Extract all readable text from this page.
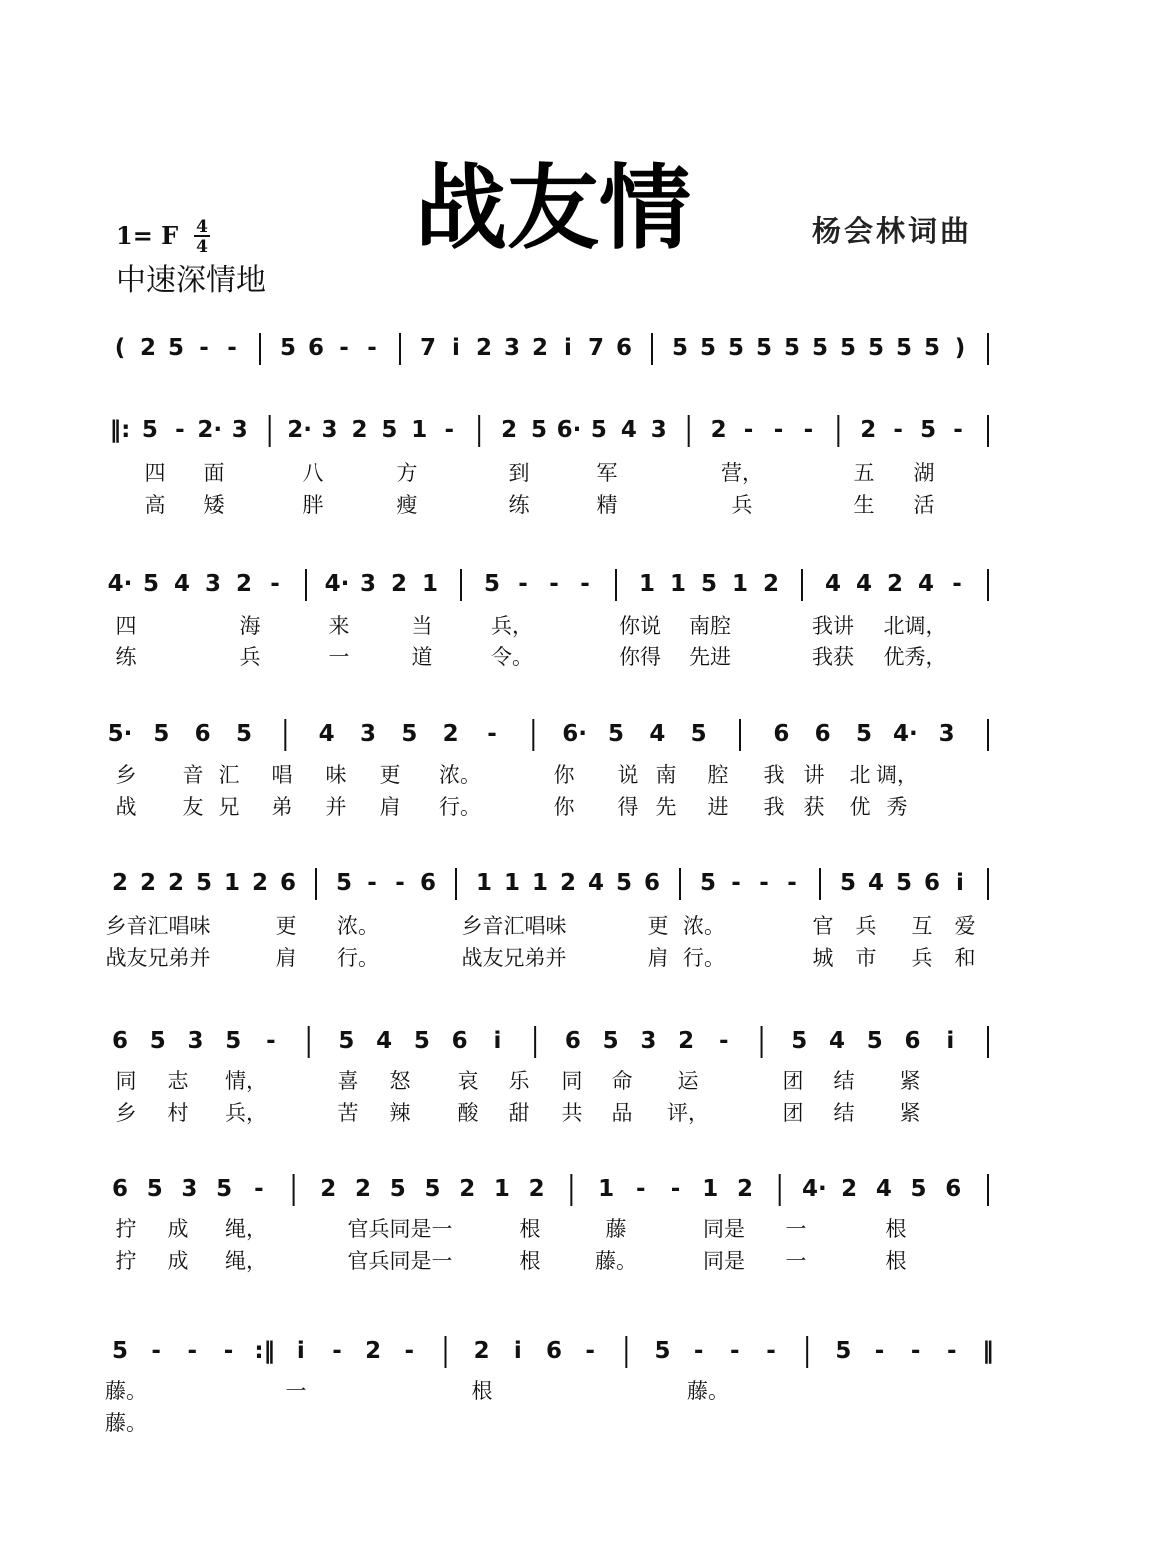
战友情
1= F 4
4
中速深情地
杨会林词曲
( 2 5 - - 5 6 - - 7 i 2 3 2 i 7 6 5 5 5 5 5 5 5 5 5 5 )
‖: 5 - 2· 3 2· 3 2 5 1 - 2 5 6· 5 4 3 2 - - - 2 - 5 -
四 面	八	方	到	军	营，	五 湖
高 矮	胖	瘦	练	精	兵	生 活
4· 5 4 3 2 - 4· 3 2 1 5 - - - 1 1 5 1 2 4 4 2 4 -
四	海	来	当	兵，	你说 南腔	我讲 北调，
练	兵	一	道	令。	你得 先进	我获 优秀，
5· 5 6 5	4 3 5 2 -	6· 5 4 5	6 6 5 4· 3
乡 音 汇 唱 味 更 浓。	你 说 南 腔 我 讲 北 调，
战 友 兄 弟 并 肩 行。	你 得 先 进 我 获 优 秀
2 2 2 5 1 2 6 5 - - 6 1 1 1 2 4 5 6 5 - - - 5 4 5 6 i
乡音汇唱味	更 浓。	乡音汇唱味	更 浓。	官 兵 互 爱
战友兄弟并	肩 行。	战友兄弟并	肩 行。	城 市 兵 和
6 5 3 5 -	5 4 5 6 i	6 5 3 2 -	5 4 5 6 i
同 志 情，	喜 怒 哀 乐 同 命 运	团 结 紧
乡 村 兵，	苦 辣 酸 甜 共 品 评，	团 结 紧
6 5 3 5 - 2 2 5 5 2 1 2 1 - - 1 2 4· 2 4 5 6
拧 成 绳，	官兵同是一	根	藤	同是 一	根
拧 成 绳，	官兵同是一	根	藤。	同是 一	根
5 - - - :‖ i - 2 -	2 i 6 -	5 - - -	5 - - - ‖
藤。	一	根	藤。
藤。
